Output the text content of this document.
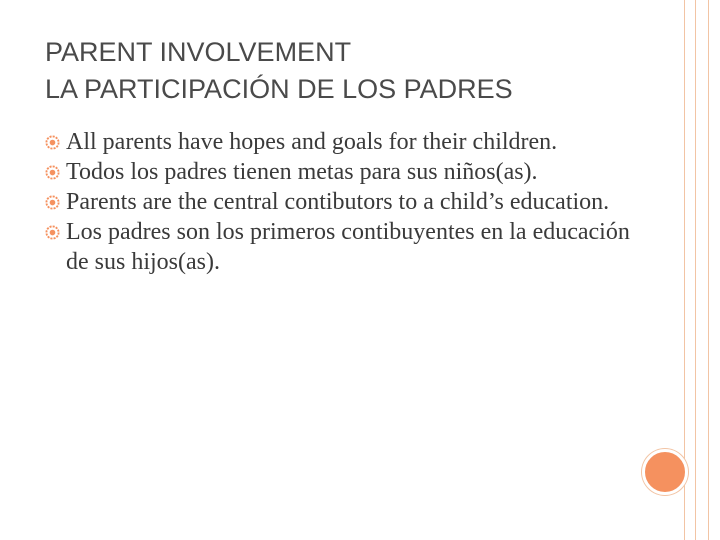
PARENT INVOLVEMENT
LA PARTICIPACIÓN DE LOS PADRES
All parents have hopes and goals for their children.
Todos los padres tienen metas para sus niños(as).
Parents are the central contibutors to a child’s education.
Los padres son los primeros contibuyentes en la educación de sus hijos(as).
